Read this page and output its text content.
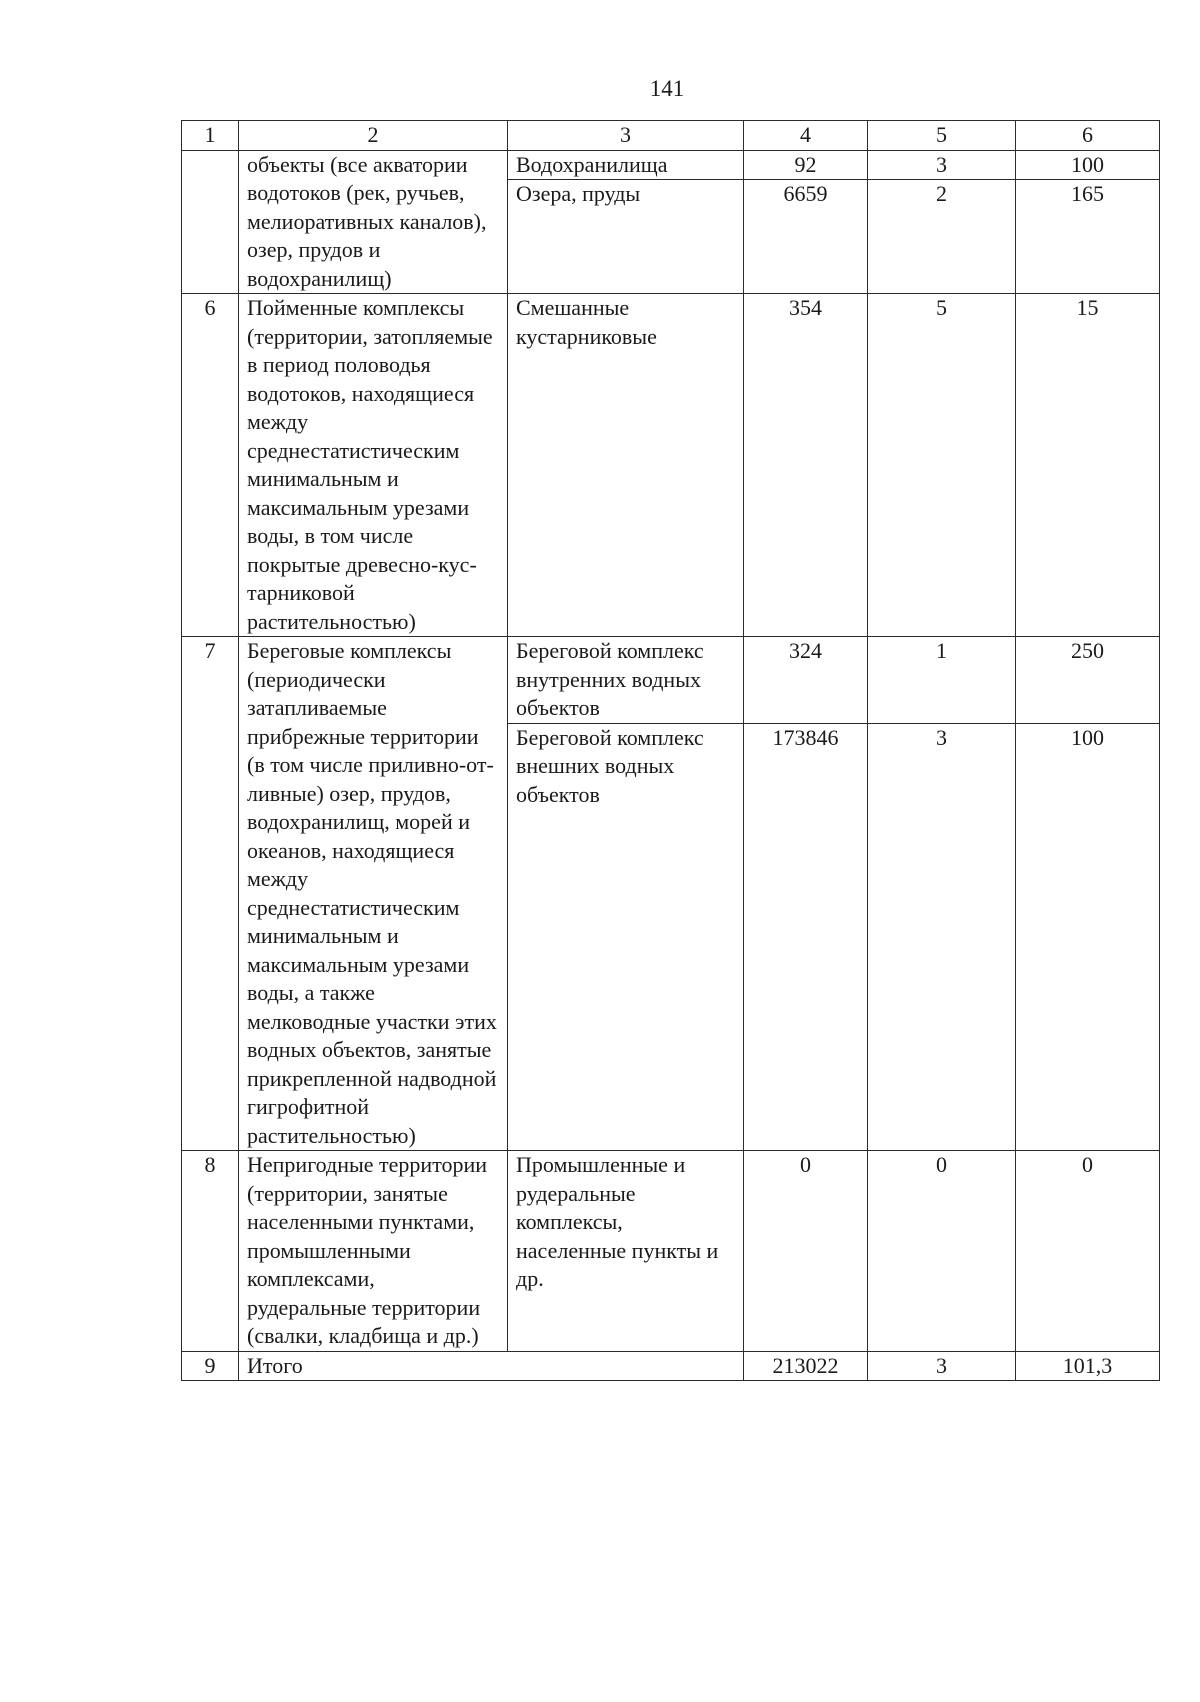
141
1	2	3	4	5	6
	объекты (все акватории водотоков (рек, ручьев, мелиоративных каналов), озер, прудов и водохранилищ)	Водохранилища	92	3	100
		Озера, пруды	6659	2	165
6	Пойменные комплексы (территории, затопляемые в период половодья водотоков, находящиеся между среднестатистическим минимальным и максимальным урезами воды, в том числе покрытые древесно-кус-тарниковой растительностью)	Смешанные кустарниковые	354	5	15
7	Береговые комплексы (периодически затапливаемые прибрежные территории (в том числе приливно-от-ливные) озер, прудов, водохранилищ, морей и океанов, находящиеся между среднестатистическим минимальным и максимальным урезами воды, а также мелководные участки этих водных объектов, занятые прикрепленной надводной гигрофитной растительностью)	Береговой комплекс внутренних водных объектов	324	1	250
		Береговой комплекс внешних водных объектов	173846	3	100
8	Непригодные территории (территории, занятые населенными пунктами, промышленными комплексами, рудеральные территории (свалки, кладбища и др.)	Промышленные и рудеральные комплексы, населенные пункты и др.	0	0	0
9	Итого		213022	3	101,3
